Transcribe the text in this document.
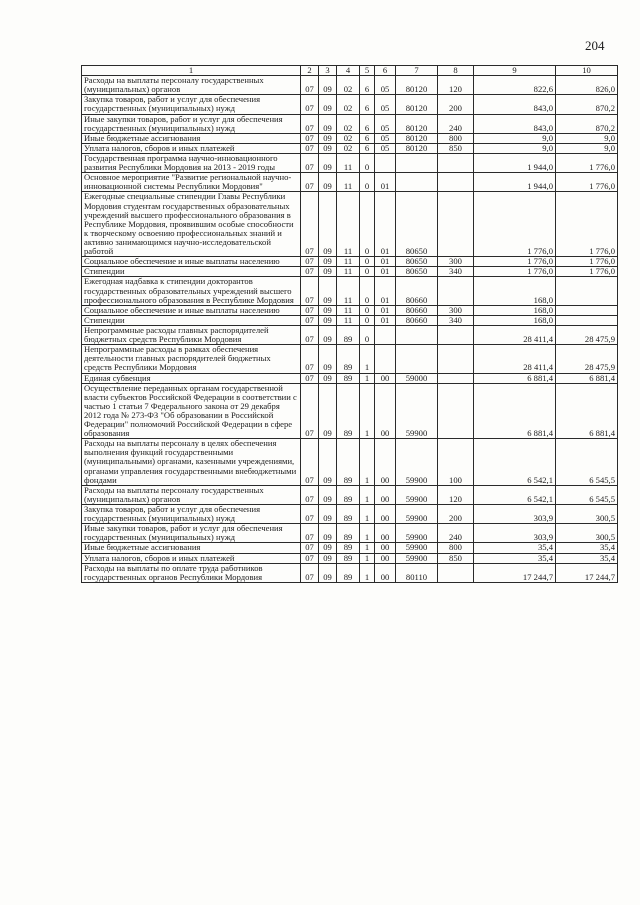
204
1	2	3	4	5	6	7	8	9	10
Расходы на выплаты персоналу государственных (муниципальных) органов	07	09	02	6	05	80120	120	822,6	826,0
Закупка товаров, работ и услуг для обеспечения государственных (муниципальных) нужд	07	09	02	6	05	80120	200	843,0	870,2
Иные закупки товаров, работ и услуг для обеспечения государственных (муниципальных) нужд	07	09	02	6	05	80120	240	843,0	870,2
Иные бюджетные ассигнования	07	09	02	6	05	80120	800	9,0	9,0
Уплата налогов, сборов и иных платежей	07	09	02	6	05	80120	850	9,0	9,0
Государственная программа научно-инновационного развития Республики Мордовия на 2013 - 2019 годы	07	09	11	0				1 944,0	1 776,0
Основное мероприятие "Развитие региональной научно-инновационной системы Республики Мордовия"	07	09	11	0	01			1 944,0	1 776,0
Ежегодные специальные стипендии Главы Республики Мордовия студентам государственных образовательных учреждений высшего профессионального образования в Республике Мордовия, проявившим особые способности к творческому освоению профессиональных знаний и активно занимающимся научно-исследовательской работой	07	09	11	0	01	80650		1 776,0	1 776,0
Социальное обеспечение и иные выплаты населению	07	09	11	0	01	80650	300	1 776,0	1 776,0
Стипендии	07	09	11	0	01	80650	340	1 776,0	1 776,0
Ежегодная надбавка к стипендии докторантов государственных образовательных учреждений высшего профессионального образования в Республике Мордовия	07	09	11	0	01	80660		168,0	
Социальное обеспечение и иные выплаты населению	07	09	11	0	01	80660	300	168,0	
Стипендии	07	09	11	0	01	80660	340	168,0	
Непрограммные расходы главных распорядителей бюджетных средств Республики Мордовия	07	09	89	0				28 411,4	28 475,9
Непрограммные расходы в рамках обеспечения деятельности главных распорядителей бюджетных средств Республики Мордовия	07	09	89	1				28 411,4	28 475,9
Единая субвенция	07	09	89	1	00	59000		6 881,4	6 881,4
Осуществление переданных органам государственной власти субъектов Российской Федерации в соответствии с частью 1 статьи 7 Федерального закона от 29 декабря 2012 года № 273-ФЗ "Об образовании в Российской Федерации" полномочий Российской Федерации в сфере образования	07	09	89	1	00	59900		6 881,4	6 881,4
Расходы на выплаты персоналу в целях обеспечения выполнения функций государственными (муниципальными) органами, казенными учреждениями, органами управления государственными внебюджетными фондами	07	09	89	1	00	59900	100	6 542,1	6 545,5
Расходы на выплаты персоналу государственных (муниципальных) органов	07	09	89	1	00	59900	120	6 542,1	6 545,5
Закупка товаров, работ и услуг для обеспечения государственных (муниципальных) нужд	07	09	89	1	00	59900	200	303,9	300,5
Иные закупки товаров, работ и услуг для обеспечения государственных (муниципальных) нужд	07	09	89	1	00	59900	240	303,9	300,5
Иные бюджетные ассигнования	07	09	89	1	00	59900	800	35,4	35,4
Уплата налогов, сборов и иных платежей	07	09	89	1	00	59900	850	35,4	35,4
Расходы на выплаты по оплате труда работников государственных органов Республики Мордовия	07	09	89	1	00	80110		17 244,7	17 244,7
